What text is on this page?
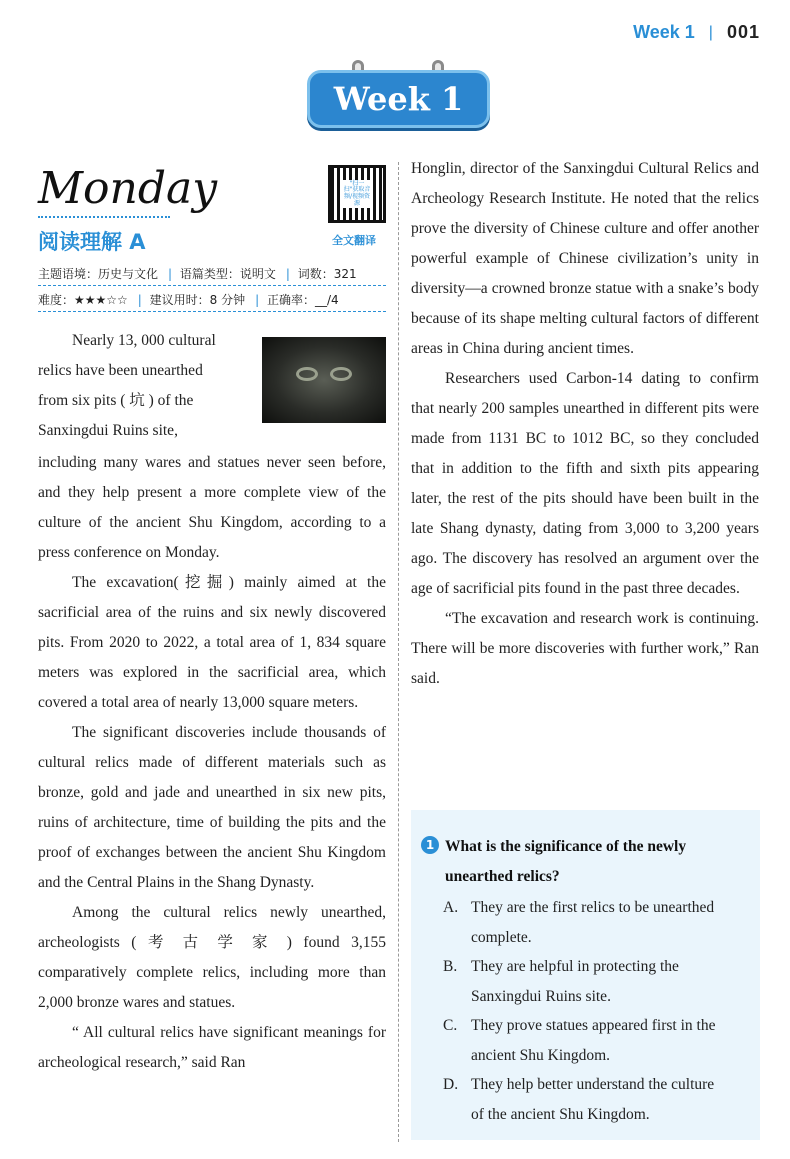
Week 1 | 001
Week 1
Monday
阅读理解 A
"扫一扫"获取音频/视频资源
全文翻译
主题语境：历史与文化 | 语篇类型：说明文 | 词数：321
难度：★★★☆☆ | 建议用时：8 分钟 | 正确率：__/4

Nearly 13, 000 cultural

relics have been unearthed

from six pits ( 坑 ) of the

Sanxingdui Ruins site,

including many wares and statues never seen before, and they help present a more complete view of the culture of the ancient Shu Kingdom, according to a press conference on Monday.

The excavation(挖掘) mainly aimed at the sacrificial area of the ruins and six newly discovered pits. From 2020 to 2022, a total area of 1, 834 square meters was explored in the sacrificial area, which covered a total area of nearly 13,000 square meters.

The significant discoveries include thousands of cultural relics made of different materials such as bronze, gold and jade and unearthed in six new pits, ruins of architecture, time of building the pits and the proof of exchanges between the ancient Shu Kingdom and the Central Plains in the Shang Dynasty.

Among the cultural relics newly unearthed, archeologists ( 考 古 学 家 ) found 3,155 comparatively complete relics, including more than 2,000 bronze wares and statues.

“ All cultural relics have significant meanings for archeological research,” said Ran

Honglin, director of the Sanxingdui Cultural Relics and Archeology Research Institute. He noted that the relics prove the diversity of Chinese culture and offer another powerful example of Chinese civilization’s unity in diversity—a crowned bronze statue with a snake’s body because of its shape melting cultural factors of different areas in China during ancient times.

Researchers used Carbon-14 dating to confirm that nearly 200 samples unearthed in different pits were made from 1131 BC to 1012 BC, so they concluded that in addition to the fifth and sixth pits appearing later, the rest of the pits should have been built in the late Shang dynasty, dating from 3,000 to 3,200 years ago. The discovery has resolved an argument over the age of sacrificial pits found in the past three decades.

“The excavation and research work is continuing. There will be more discoveries with further work,” Ran said.

1 What is the significance of the newly
unearthed relics?
A. They are the first relics to be unearthed
complete.
B. They are helpful in protecting the
Sanxingdui Ruins site.
C. They prove statues appeared first in the
ancient Shu Kingdom.
D. They help better understand the culture
of the ancient Shu Kingdom.
